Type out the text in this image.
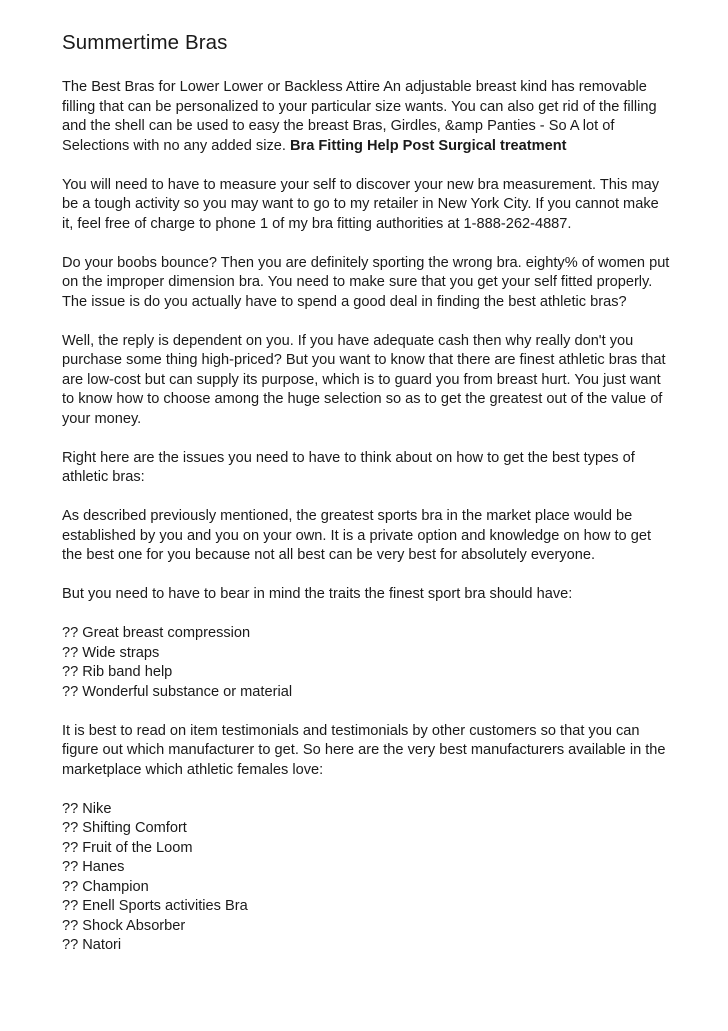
Summertime Bras

The Best Bras for Lower Lower or Backless Attire An adjustable breast kind has removable filling that can be personalized to your particular size wants. You can also get rid of the filling and the shell can be used to easy the breast Bras, Girdles, &amp Panties - So A lot of Selections with no any added size. Bra Fitting Help Post Surgical treatment

You will need to have to measure your self to discover your new bra measurement. This may be a tough activity so you may want to go to my retailer in New York City. If you cannot make it, feel free of charge to phone 1 of my bra fitting authorities at 1-888-262-4887.

Do your boobs bounce? Then you are definitely sporting the wrong bra. eighty% of women put on the improper dimension bra. You need to make sure that you get your self fitted properly. The issue is do you actually have to spend a good deal in finding the best athletic bras?

Well, the reply is dependent on you. If you have adequate cash then why really don't you purchase some thing high-priced? But you want to know that there are finest athletic bras that are low-cost but can supply its purpose, which is to guard you from breast hurt. You just want to know how to choose among the huge selection so as to get the greatest out of the value of your money.

Right here are the issues you need to have to think about on how to get the best types of athletic bras:

As described previously mentioned, the greatest sports bra in the market place would be established by you and you on your own. It is a private option and knowledge on how to get the best one for you because not all best can be very best for absolutely everyone.

But you need to have to bear in mind the traits the finest sport bra should have:

?? Great breast compression
?? Wide straps
?? Rib band help
?? Wonderful substance or material

It is best to read on item testimonials and testimonials by other customers so that you can figure out which manufacturer to get. So here are the very best manufacturers available in the marketplace which athletic females love:

?? Nike
?? Shifting Comfort
?? Fruit of the Loom
?? Hanes
?? Champion
?? Enell Sports activities Bra
?? Shock Absorber
?? Natori
